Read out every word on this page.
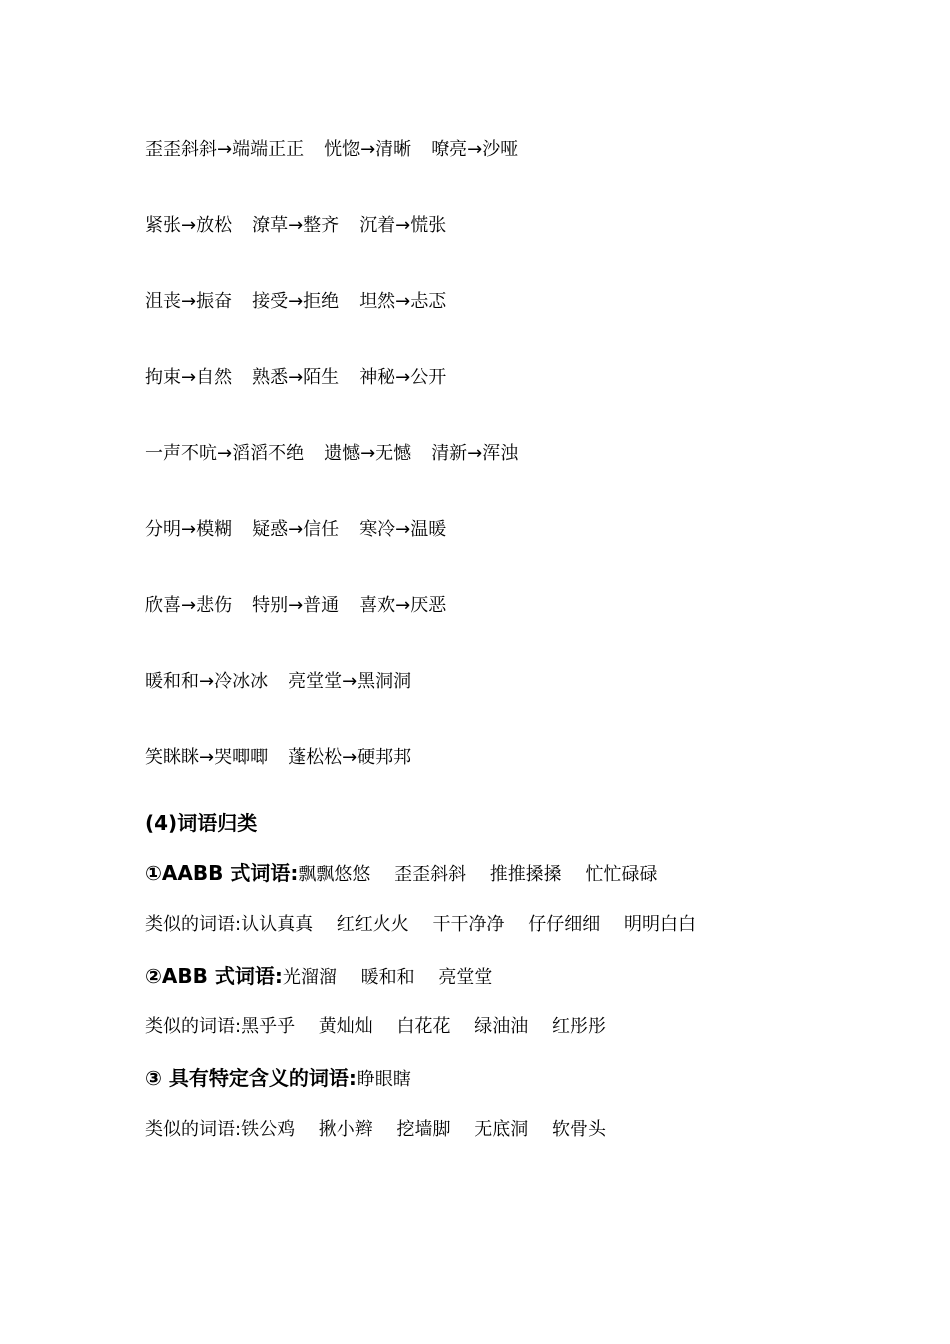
歪歪斜斜→端端正正 恍惚→清晰 嘹亮→沙哑
紧张→放松 潦草→整齐 沉着→慌张
沮丧→振奋 接受→拒绝 坦然→忐忑
拘束→自然 熟悉→陌生 神秘→公开
一声不吭→滔滔不绝 遗憾→无憾 清新→浑浊
分明→模糊 疑惑→信任 寒冷→温暖
欣喜→悲伤 特别→普通 喜欢→厌恶
暖和和→冷冰冰 亮堂堂→黑洞洞
笑眯眯→哭唧唧 蓬松松→硬邦邦
(4)词语归类
①AABB 式词语:飘飘悠悠　 歪歪斜斜　 推推搡搡　 忙忙碌碌
类似的词语:认认真真　 红红火火　 干干净净　 仔仔细细　 明明白白
②ABB 式词语:光溜溜　 暖和和　 亮堂堂
类似的词语:黑乎乎　 黄灿灿　 白花花　 绿油油　 红彤彤
③ 具有特定含义的词语:睁眼瞎
类似的词语:铁公鸡　 揪小辫　 挖墙脚　 无底洞　 软骨头
